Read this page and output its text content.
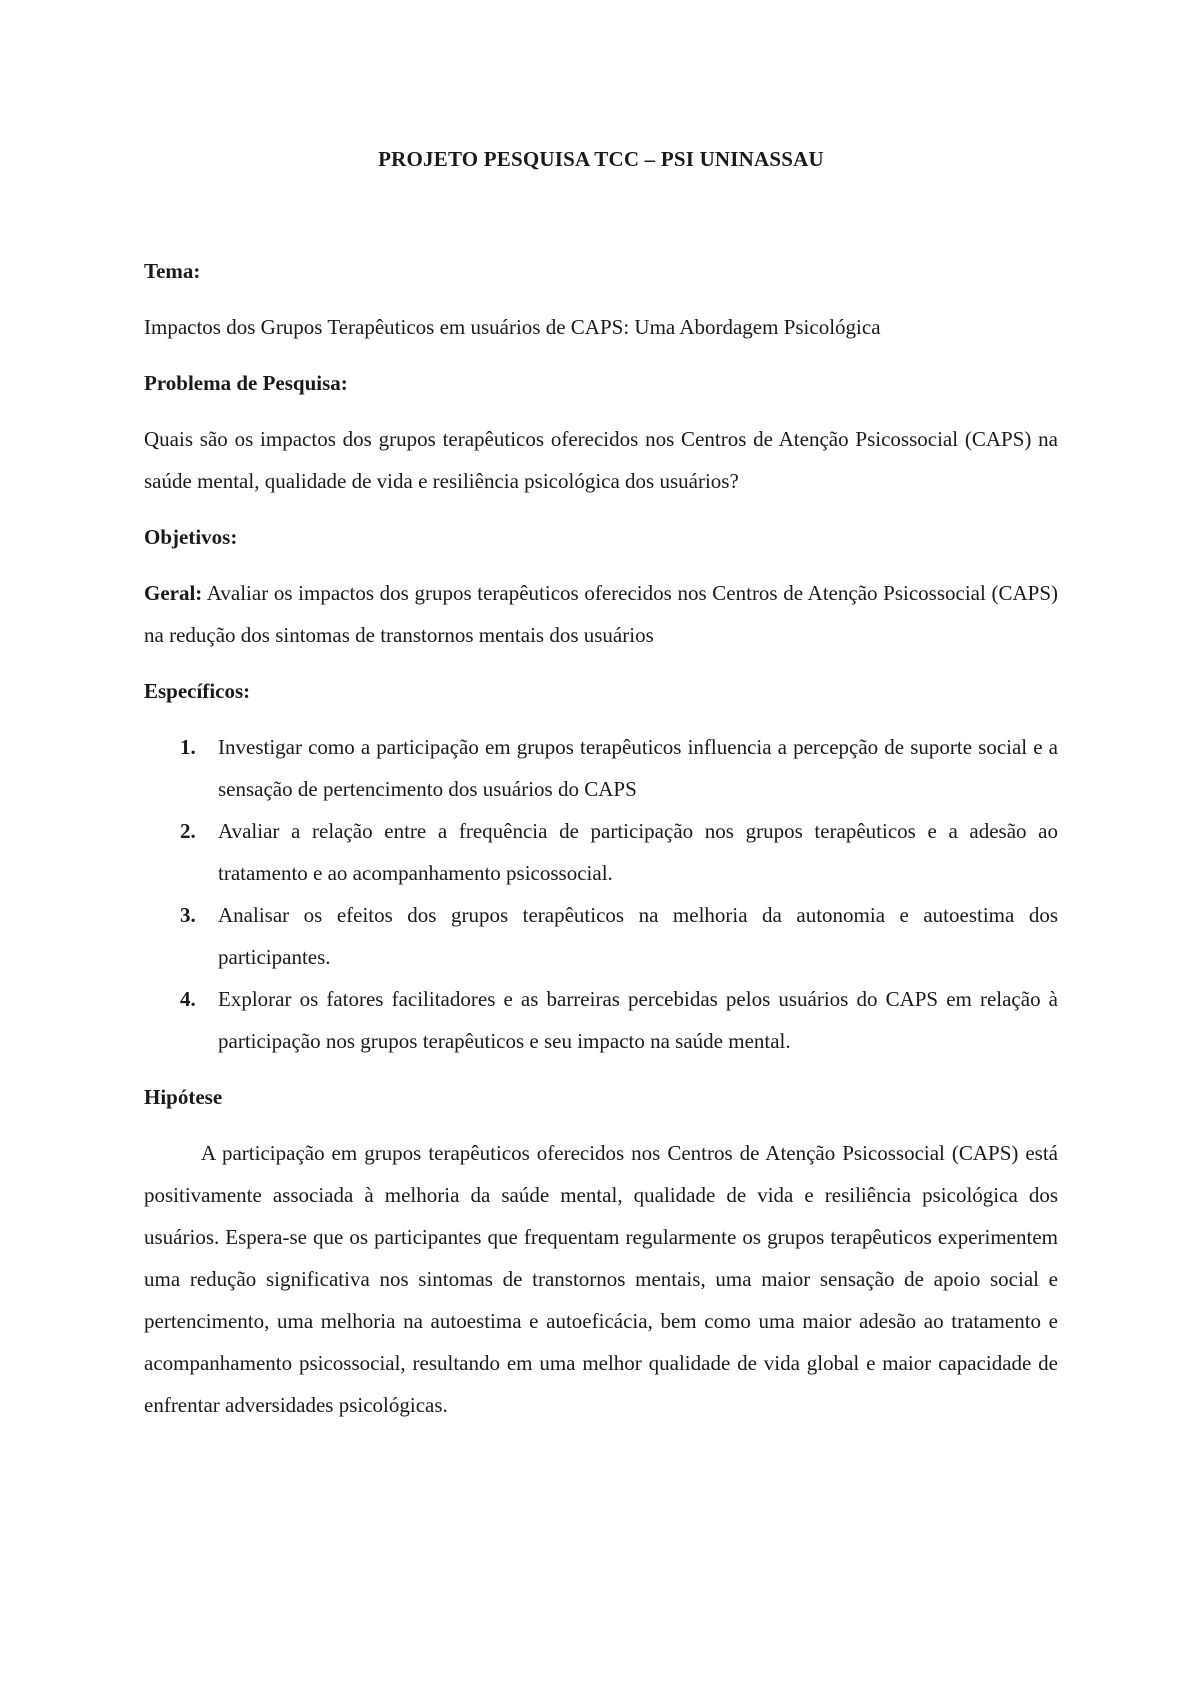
PROJETO PESQUISA TCC – PSI UNINASSAU

Tema:

Impactos dos Grupos Terapêuticos em usuários de CAPS: Uma Abordagem Psicológica

Problema de Pesquisa:

Quais são os impactos dos grupos terapêuticos oferecidos nos Centros de Atenção Psicossocial (CAPS) na saúde mental, qualidade de vida e resiliência psicológica dos usuários?

Objetivos:

Geral: Avaliar os impactos dos grupos terapêuticos oferecidos nos Centros de Atenção Psicossocial (CAPS) na redução dos sintomas de transtornos mentais dos usuários

Específicos:

1. Investigar como a participação em grupos terapêuticos influencia a percepção de suporte social e a sensação de pertencimento dos usuários do CAPS
2. Avaliar a relação entre a frequência de participação nos grupos terapêuticos e a adesão ao tratamento e ao acompanhamento psicossocial.
3. Analisar os efeitos dos grupos terapêuticos na melhoria da autonomia e autoestima dos participantes.
4. Explorar os fatores facilitadores e as barreiras percebidas pelos usuários do CAPS em relação à participação nos grupos terapêuticos e seu impacto na saúde mental.

Hipótese

A participação em grupos terapêuticos oferecidos nos Centros de Atenção Psicossocial (CAPS) está positivamente associada à melhoria da saúde mental, qualidade de vida e resiliência psicológica dos usuários. Espera-se que os participantes que frequentam regularmente os grupos terapêuticos experimentem uma redução significativa nos sintomas de transtornos mentais, uma maior sensação de apoio social e pertencimento, uma melhoria na autoestima e autoeficácia, bem como uma maior adesão ao tratamento e acompanhamento psicossocial, resultando em uma melhor qualidade de vida global e maior capacidade de enfrentar adversidades psicológicas.
